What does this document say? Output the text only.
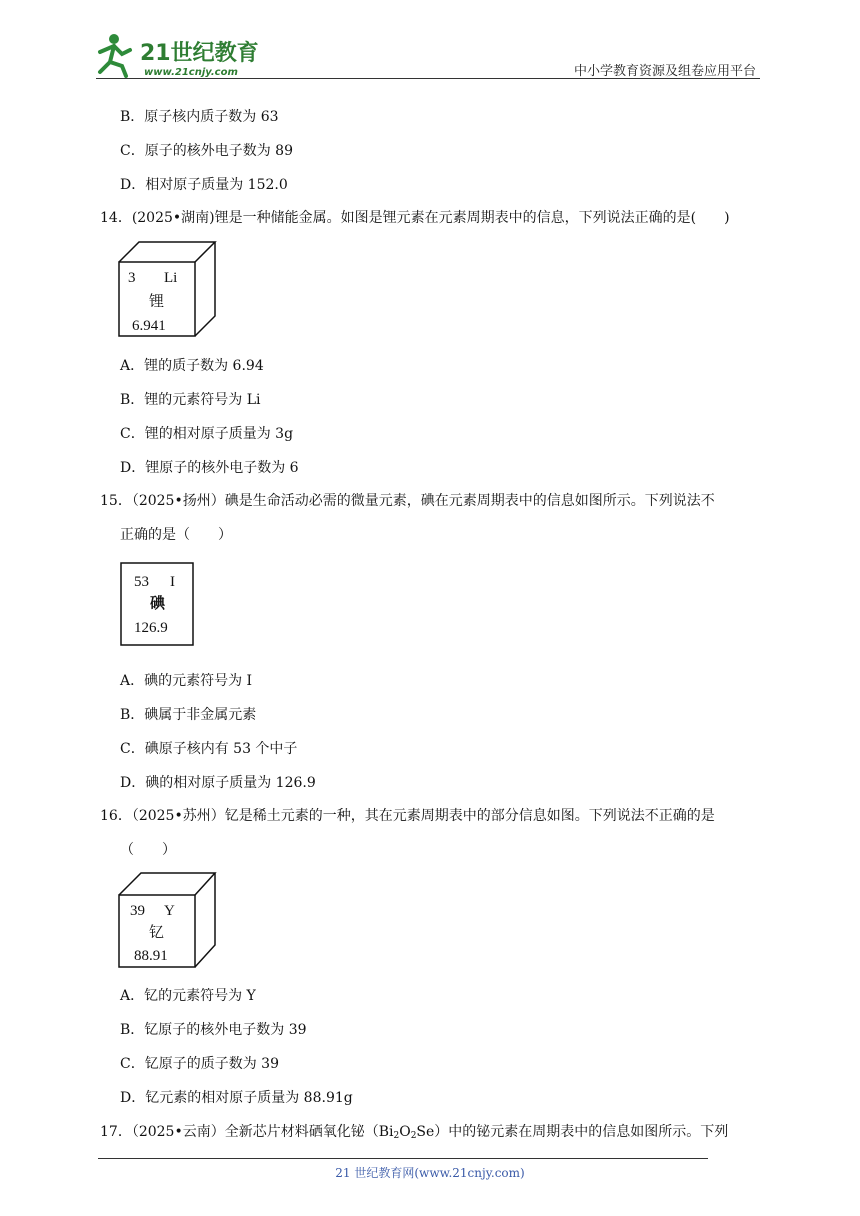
21世纪教育
www.21cnjy.com	中小学教育资源及组卷应用平台
B．原子核内质子数为 63
C．原子的核外电子数为 89
D．相对原子质量为 152.0
14．(2025•湖南)锂是一种储能金属。如图是锂元素在元素周期表中的信息，下列说法正确的是(　　)
3 Li
锂
6.941
A．锂的质子数为 6.94
B．锂的元素符号为 Li
C．锂的相对原子质量为 3g
D．锂原子的核外电子数为 6
15．（2025•扬州）碘是生命活动必需的微量元素，碘在元素周期表中的信息如图所示。下列说法不
正确的是（　　）
53 I
碘
126.9
A．碘的元素符号为 I
B．碘属于非金属元素
C．碘原子核内有 53 个中子
D．碘的相对原子质量为 126.9
16．（2025•苏州）钇是稀土元素的一种，其在元素周期表中的部分信息如图。下列说法不正确的是
（　　）
39 Y
钇
88.91
A．钇的元素符号为 Y
B．钇原子的核外电子数为 39
C．钇原子的质子数为 39
D．钇元素的相对原子质量为 88.91g
17．（2025•云南）全新芯片材料硒氧化铋$(Bi_2O_2Se)$中的铋元素在周期表中的信息如图所示。下列
21 世纪教育网(www.21cnjy.com)
